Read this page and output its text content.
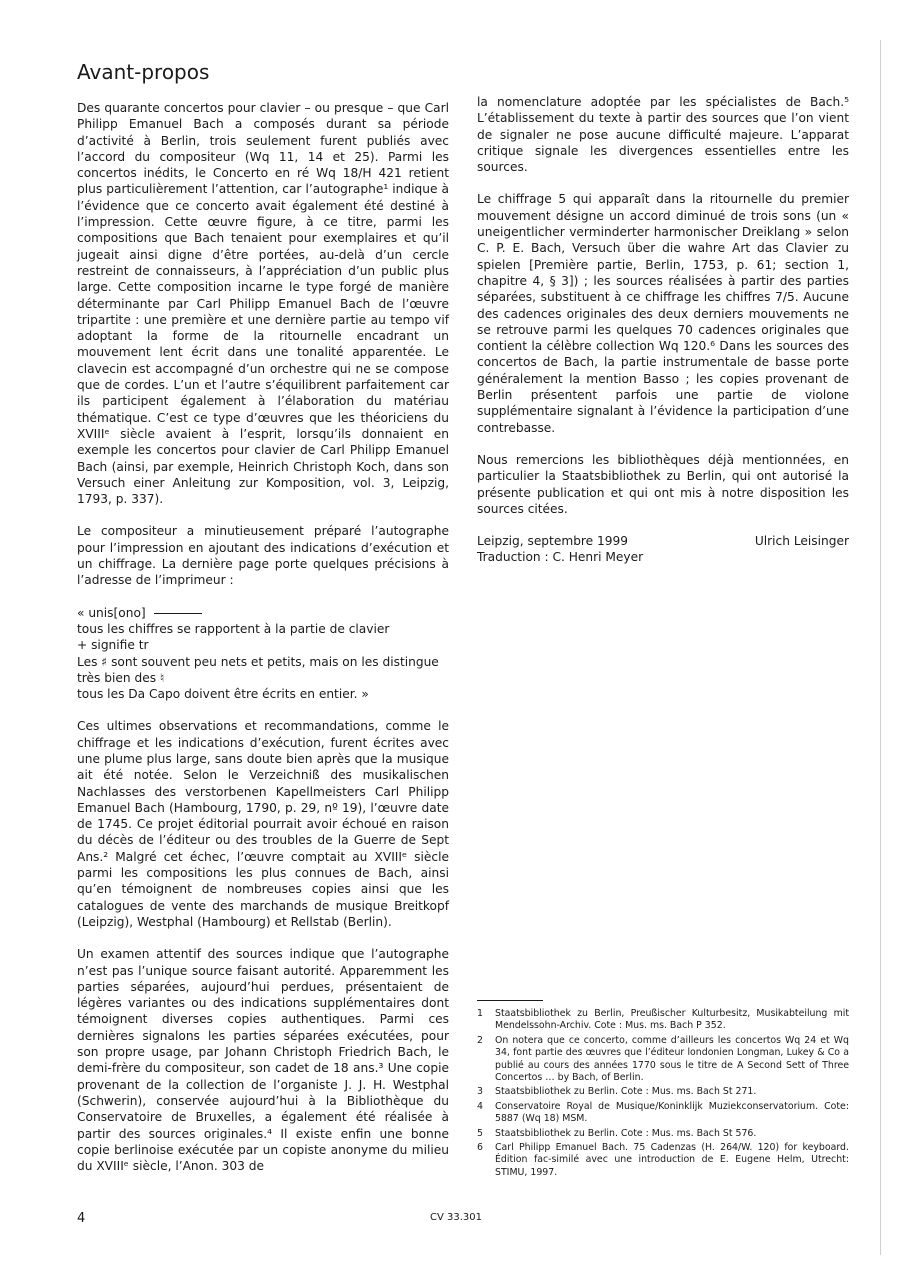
Avant-propos

Des quarante concertos pour clavier – ou presque – que Carl Philipp Emanuel Bach a composés durant sa période d’activité à Berlin, trois seulement furent publiés avec l’accord du compositeur (Wq 11, 14 et 25). Parmi les concertos inédits, le Concerto en ré Wq 18/H 421 retient plus particulièrement l’attention, car l’autographe¹ indique à l’évidence que ce concerto avait également été destiné à l’impression. Cette œuvre figure, à ce titre, parmi les compositions que Bach tenaient pour exemplaires et qu’il jugeait ainsi digne d’être portées, au-delà d’un cercle restreint de connaisseurs, à l’appréciation d’un public plus large. Cette composition incarne le type forgé de manière déterminante par Carl Philipp Emanuel Bach de l’œuvre tripartite : une première et une dernière partie au tempo vif adoptant la forme de la ritournelle encadrant un mouvement lent écrit dans une tonalité apparentée. Le clavecin est accompagné d’un orchestre qui ne se compose que de cordes. L’un et l’autre s’équilibrent parfaitement car ils participent également à l’élaboration du matériau thématique. C’est ce type d’œuvres que les théoriciens du XVIIIᵉ siècle avaient à l’esprit, lorsqu’ils donnaient en exemple les concertos pour clavier de Carl Philipp Emanuel Bach (ainsi, par exemple, Heinrich Christoph Koch, dans son Versuch einer Anleitung zur Komposition, vol. 3, Leipzig, 1793, p. 337).

Le compositeur a minutieusement préparé l’autographe pour l’impression en ajoutant des indications d’exécution et un chiffrage. La dernière page porte quelques précisions à l’adresse de l’imprimeur :

« unis[ono]
tous les chiffres se rapportent à la partie de clavier
+ signifie tr
Les ♯ sont souvent peu nets et petits, mais on les distingue très bien des ♮
tous les Da Capo doivent être écrits en entier. »

Ces ultimes observations et recommandations, comme le chiffrage et les indications d’exécution, furent écrites avec une plume plus large, sans doute bien après que la musique ait été notée. Selon le Verzeichniß des musikalischen Nachlasses des verstorbenen Kapellmeisters Carl Philipp Emanuel Bach (Hambourg, 1790, p. 29, nº 19), l’œuvre date de 1745. Ce projet éditorial pourrait avoir échoué en raison du décès de l’éditeur ou des troubles de la Guerre de Sept Ans.² Malgré cet échec, l’œuvre comptait au XVIIIᵉ siècle parmi les compositions les plus connues de Bach, ainsi qu’en témoignent de nombreuses copies ainsi que les catalogues de vente des marchands de musique Breitkopf (Leipzig), Westphal (Hambourg) et Rellstab (Berlin).

Un examen attentif des sources indique que l’autographe n’est pas l’unique source faisant autorité. Apparemment les parties séparées, aujourd’hui perdues, présentaient de légères variantes ou des indications supplémentaires dont témoignent diverses copies authentiques. Parmi ces dernières signalons les parties séparées exécutées, pour son propre usage, par Johann Christoph Friedrich Bach, le demi-frère du compositeur, son cadet de 18 ans.³ Une copie provenant de la collection de l’organiste J. J. H. Westphal (Schwerin), conservée aujourd’hui à la Bibliothèque du Conservatoire de Bruxelles, a également été réalisée à partir des sources originales.⁴ Il existe enfin une bonne copie berlinoise exécutée par un copiste anonyme du milieu du XVIIIᵉ siècle, l’Anon. 303 de

la nomenclature adoptée par les spécialistes de Bach.⁵ L’établissement du texte à partir des sources que l’on vient de signaler ne pose aucune difficulté majeure. L’apparat critique signale les divergences essentielles entre les sources.

Le chiffrage 5 qui apparaît dans la ritournelle du premier mouvement désigne un accord diminué de trois sons (un « uneigentlicher verminderter harmonischer Dreiklang » selon C. P. E. Bach, Versuch über die wahre Art das Clavier zu spielen [Première partie, Berlin, 1753, p. 61; section 1, chapitre 4, § 3]) ; les sources réalisées à partir des parties séparées, substituent à ce chiffrage les chiffres 7/5. Aucune des cadences originales des deux derniers mouvements ne se retrouve parmi les quelques 70 cadences originales que contient la célèbre collection Wq 120.⁶ Dans les sources des concertos de Bach, la partie instrumentale de basse porte généralement la mention Basso ; les copies provenant de Berlin présentent parfois une partie de violone supplémentaire signalant à l’évidence la participation d’une contrebasse.

Nous remercions les bibliothèques déjà mentionnées, en particulier la Staatsbibliothek zu Berlin, qui ont autorisé la présente publication et qui ont mis à notre disposition les sources citées.

Leipzig, septembre 1999	Ulrich Leisinger
Traduction : C. Henri Meyer
1	Staatsbibliothek zu Berlin, Preußischer Kulturbesitz, Musikabteilung mit Mendelssohn-Archiv. Cote : Mus. ms. Bach P 352.
2	On notera que ce concerto, comme d’ailleurs les concertos Wq 24 et Wq 34, font partie des œuvres que l’éditeur londonien Longman, Lukey & Co a publié au cours des années 1770 sous le titre de A Second Sett of Three Concertos … by Bach, of Berlin.
3	Staatsbibliothek zu Berlin. Cote : Mus. ms. Bach St 271.
4	Conservatoire Royal de Musique/Koninklijk Muziekconservatorium. Cote: 5887 (Wq 18) MSM.
5	Staatsbibliothek zu Berlin. Cote : Mus. ms. Bach St 576.
6	Carl Philipp Emanuel Bach. 75 Cadenzas (H. 264/W. 120) for keyboard. Édition fac-similé avec une introduction de E. Eugene Helm, Utrecht: STIMU, 1997.
4	CV 33.301
